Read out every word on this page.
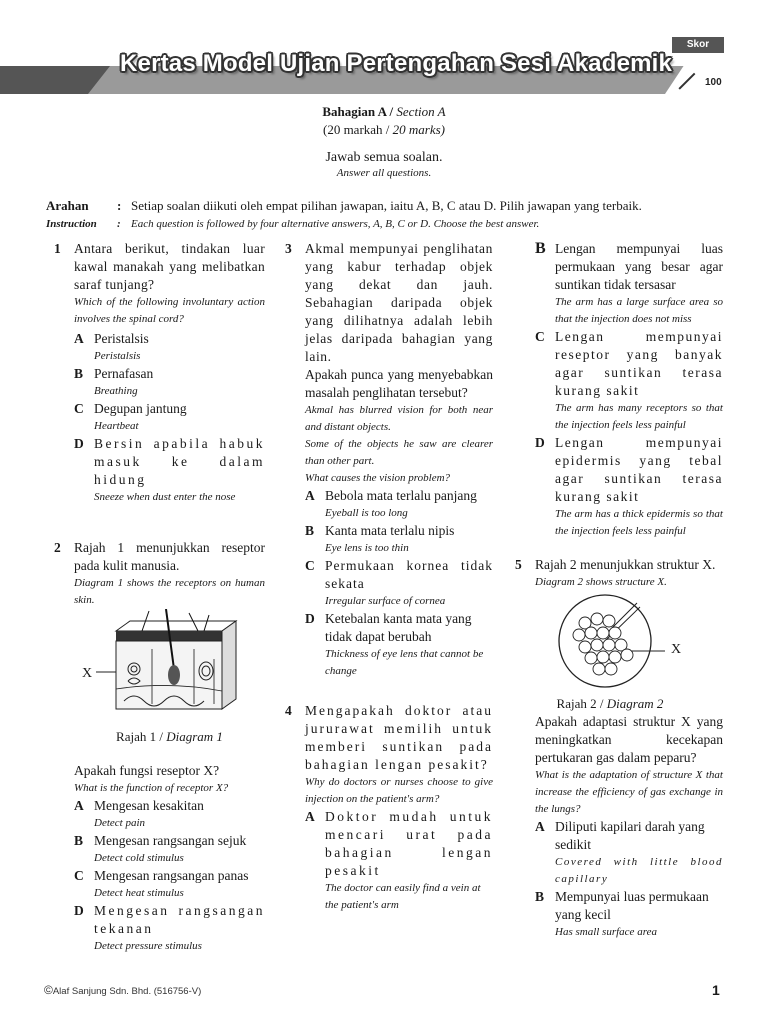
Kertas Model Ujian Pertengahan Sesi Akademik
Skor
100
Bahagian A / Section A
(20 markah / 20 marks)
Jawab semua soalan.
Answer all questions.
Arahan	: Setiap soalan diikuti oleh empat pilihan jawapan, iaitu A, B, C atau D. Pilih jawapan yang terbaik.
Instruction	: Each question is followed by four alternative answers, A, B, C or D. Choose the best answer.
1 Antara berikut, tindakan luar kawal manakah yang melibatkan saraf tunjang?
Which of the following involuntary action involves the spinal cord?
A Peristalsis
Peristalsis
B Pernafasan
Breathing
C Degupan jantung
Heartbeat
D Bersin apabila habuk masuk ke dalam hidung
Sneeze when dust enter the nose
2 Rajah 1 menunjukkan reseptor pada kulit manusia.
Diagram 1 shows the receptors on human skin.
X
Rajah 1 / Diagram 1
Apakah fungsi reseptor X?
What is the function of receptor X?
A Mengesan kesakitan
Detect pain
B Mengesan rangsangan sejuk
Detect cold stimulus
C Mengesan rangsangan panas
Detect heat stimulus
D Mengesan rangsangan tekanan
Detect pressure stimulus
3 Akmal mempunyai penglihatan yang kabur terhadap objek yang dekat dan jauh. Sebahagian daripada objek yang dilihatnya adalah lebih jelas daripada bahagian yang lain.
Apakah punca yang menyebabkan masalah penglihatan tersebut?
Akmal has blurred vision for both near and distant objects.
Some of the objects he saw are clearer than other part.
What causes the vision problem?
A Bebola mata terlalu panjang
Eyeball is too long
B Kanta mata terlalu nipis
Eye lens is too thin
C Permukaan kornea tidak sekata
Irregular surface of cornea
D Ketebalan kanta mata yang tidak dapat berubah
Thickness of eye lens that cannot be change
4 Mengapakah doktor atau jururawat memilih untuk memberi suntikan pada bahagian lengan pesakit?
Why do doctors or nurses choose to give injection on the patient's arm?
A Doktor mudah untuk mencari urat pada bahagian lengan pesakit
The doctor can easily find a vein at the patient's arm
B Lengan mempunyai luas permukaan yang besar agar suntikan tidak tersasar
The arm has a large surface area so that the injection does not miss
C Lengan mempunyai reseptor yang banyak agar suntikan terasa kurang sakit
The arm has many receptors so that the injection feels less painful
D Lengan mempunyai epidermis yang tebal agar suntikan terasa kurang sakit
The arm has a thick epidermis so that the injection feels less painful
5 Rajah 2 menunjukkan struktur X.
Diagram 2 shows structure X.
X
Rajah 2 / Diagram 2
Apakah adaptasi struktur X yang meningkatkan kecekapan pertukaran gas dalam peparu?
What is the adaptation of structure X that increase the efficiency of gas exchange in the lungs?
A Diliputi kapilari darah yang sedikit
Covered with little blood capillary
B Mempunyai luas permukaan yang kecil
Has small surface area
©Alaf Sanjung Sdn. Bhd. (516756-V)	1
